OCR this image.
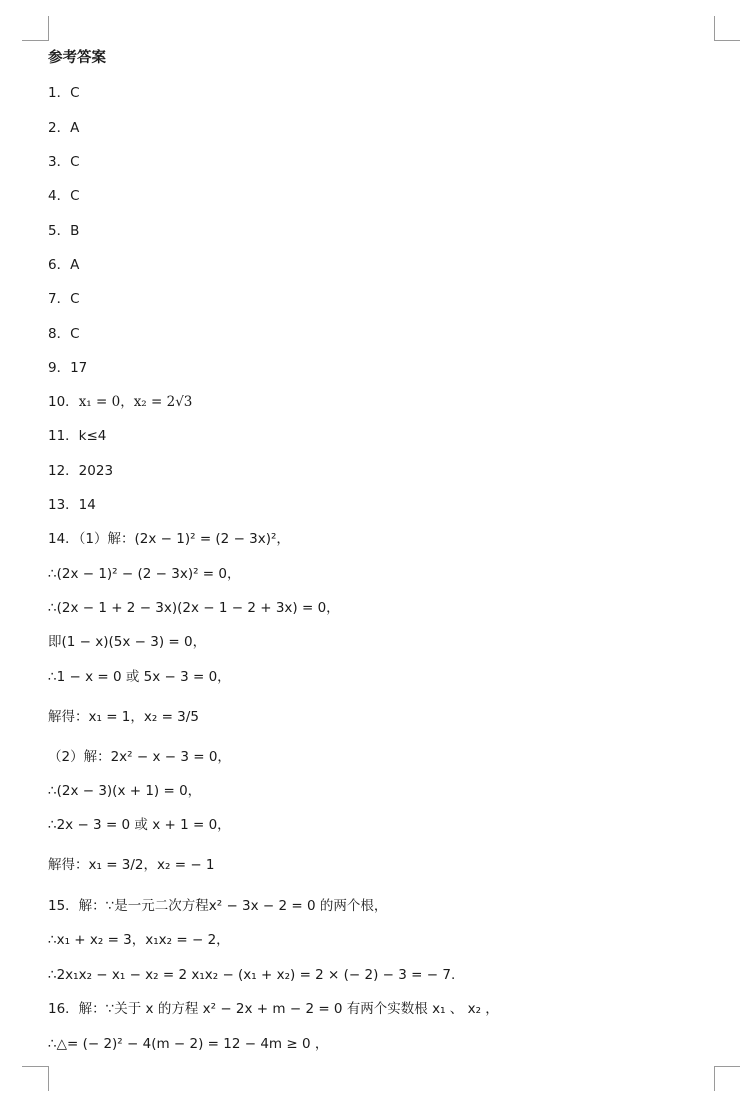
参考答案
1．C
2．A
3．C
4．C
5．B
6．A
7．C
8．C
9．17
10．x₁ = 0，x₂ = 2√3
11．k≤4
12．2023
13．14
14．（1）解：(2x − 1)² = (2 − 3x)²，
∴(2x − 1)² − (2 − 3x)² = 0，
∴(2x − 1 + 2 − 3x)(2x − 1 − 2 + 3x) = 0，
即(1 − x)(5x − 3) = 0，
∴1 − x = 0 或 5x − 3 = 0，
解得：x₁ = 1，x₂ = 3/5
（2）解：2x² − x − 3 = 0，
∴(2x − 3)(x + 1) = 0，
∴2x − 3 = 0 或 x + 1 = 0，
解得：x₁ = 3/2，x₂ = − 1
15．解：∵是一元二次方程x² − 3x − 2 = 0 的两个根，
∴x₁ + x₂ = 3，x₁x₂ = − 2，
∴2x₁x₂ − x₁ − x₂ = 2 x₁x₂ − (x₁ + x₂) = 2 × (− 2) − 3 = − 7.
16．解：∵关于 x 的方程 x² − 2x + m − 2 = 0 有两个实数根 x₁ 、 x₂ ，
∴△= (− 2)² − 4(m − 2) = 12 − 4m ≥ 0 ，
